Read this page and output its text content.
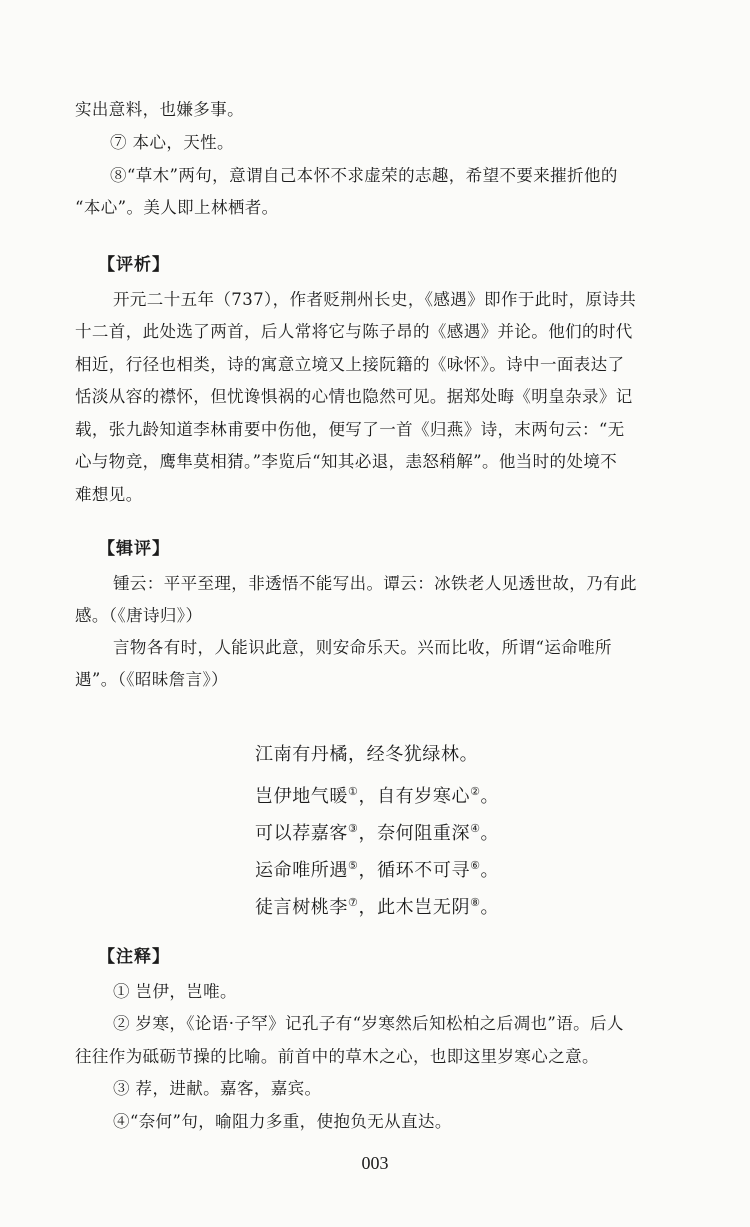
实出意料，也嫌多事。
⑦ 本心，天性。
⑧“草木”两句，意谓自己本怀不求虚荣的志趣，希望不要来摧折他的
“本心”。美人即上林栖者。
【评析】
开元二十五年（737），作者贬荆州长史，《感遇》即作于此时，原诗共
十二首，此处选了两首，后人常将它与陈子昂的《感遇》并论。他们的时代
相近，行径也相类，诗的寓意立境又上接阮籍的《咏怀》。诗中一面表达了
恬淡从容的襟怀，但忧谗惧祸的心情也隐然可见。据郑处晦《明皇杂录》记
载，张九龄知道李林甫要中伤他，便写了一首《归燕》诗，末两句云：“无
心与物竞，鹰隼莫相猜。”李览后“知其必退，恚怒稍解”。他当时的处境不
难想见。
【辑评】
锺云：平平至理，非透悟不能写出。谭云：冰铁老人见透世故，乃有此
感。（《唐诗归》）
言物各有时，人能识此意，则安命乐天。兴而比收，所谓“运命唯所
遇”。（《昭昧詹言》）
江南有丹橘，经冬犹绿林。
岂伊地气暖①，自有岁寒心②。
可以荐嘉客③，奈何阻重深④。
运命唯所遇⑤，循环不可寻⑥。
徒言树桃李⑦，此木岂无阴⑧。
【注释】
① 岂伊，岂唯。
② 岁寒，《论语·子罕》记孔子有“岁寒然后知松柏之后凋也”语。后人
往往作为砥砺节操的比喻。前首中的草木之心，也即这里岁寒心之意。
③ 荐，进献。嘉客，嘉宾。
④“奈何”句，喻阻力多重，使抱负无从直达。
003
